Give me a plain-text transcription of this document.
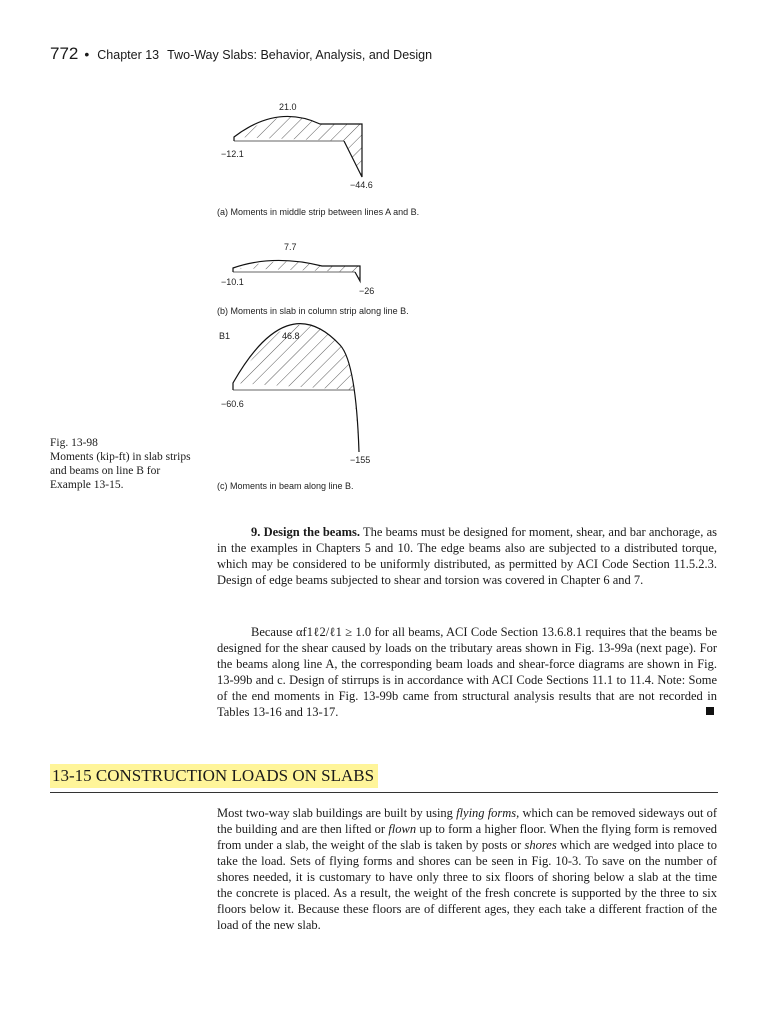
772 • Chapter 13 Two-Way Slabs: Behavior, Analysis, and Design
21.0
−12.1
−44.6
(a) Moments in middle strip between lines A and B.
7.7
−10.1
−26
(b) Moments in slab in column strip along line B.
B1	46.8
−60.6
−155
(c) Moments in beam along line B.
Fig. 13-98
Moments (kip-ft) in slab strips and beams on line B for Example 13-15.

9. Design the beams. The beams must be designed for moment, shear, and bar anchorage, as in the examples in Chapters 5 and 10. The edge beams also are subjected to a distributed torque, which may be considered to be uniformly distributed, as permitted by ACI Code Section 11.5.2.3. Design of edge beams subjected to shear and torsion was covered in Chapter 6 and 7.

Because αf1ℓ2/ℓ1 ≥ 1.0 for all beams, ACI Code Section 13.6.8.1 requires that the beams be designed for the shear caused by loads on the tributary areas shown in Fig. 13-99a (next page). For the beams along line A, the corresponding beam loads and shear-force diagrams are shown in Fig. 13-99b and c. Design of stirrups is in accordance with ACI Code Sections 11.1 to 11.4. Note: Some of the end moments in Fig. 13-99b came from structural analysis results that are not recorded in Tables 13-16 and 13-17.

13-15 CONSTRUCTION LOADS ON SLABS

Most two-way slab buildings are built by using flying forms, which can be removed sideways out of the building and are then lifted or flown up to form a higher floor. When the flying form is removed from under a slab, the weight of the slab is taken by posts or shores which are wedged into place to take the load. Sets of flying forms and shores can be seen in Fig. 10-3. To save on the number of shores needed, it is customary to have only three to six floors of shoring below a slab at the time the concrete is placed. As a result, the weight of the fresh concrete is supported by the three to six floors below it. Because these floors are of different ages, they each take a different fraction of the load of the new slab.
